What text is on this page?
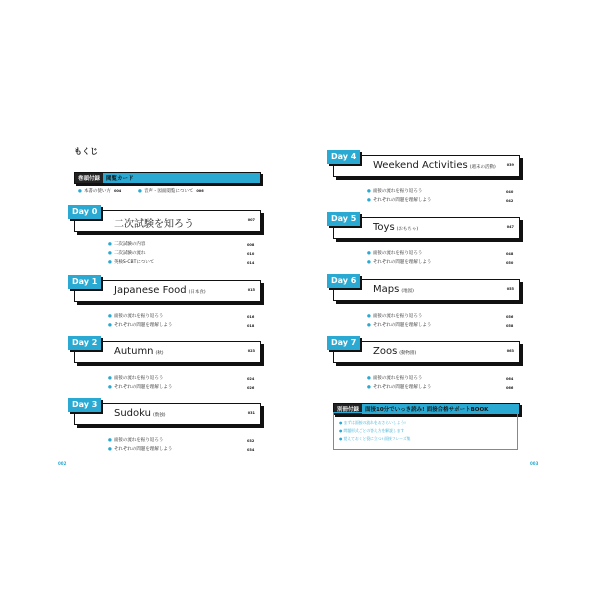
もくじ
巻頭付録 閲覧カード
● 本書の使い方 004	● 音声・図面閲覧について 006
Day 0
二次試験を知ろう	007
● 二次試験の内容	008
● 二次試験の流れ	010
● 英検S-CBTについて	014
Day 1
Japanese Food (日本食)	015
● 面接の流れを振り返ろう	016
● それぞれの問題を理解しよう	018
Day 2
Autumn (秋)	023
● 面接の流れを振り返ろう	024
● それぞれの問題を理解しよう	026
Day 3
Sudoku (数独)	031
● 面接の流れを振り返ろう	032
● それぞれの問題を理解しよう	034
Day 4
Weekend Activities (週末の活動)	039
● 面接の流れを振り返ろう	040
● それぞれの問題を理解しよう	042
Day 5
Toys (おもちゃ)	047
● 面接の流れを振り返ろう	048
● それぞれの問題を理解しよう	050
Day 6
Maps (地図)	055
● 面接の流れを振り返ろう	056
● それぞれの問題を理解しよう	058
Day 7
Zoos (動物園)	063
● 面接の流れを振り返ろう	064
● それぞれの問題を理解しよう	066
別冊付録 面接10分でいっき読み! 面接合格サポートBOOK
● まずは面接の流れをおさらいしよう!
● 問題形式ごとの答え方を解説します
● 覚えておくと役に立つ! 面接フレーズ集
002	003
